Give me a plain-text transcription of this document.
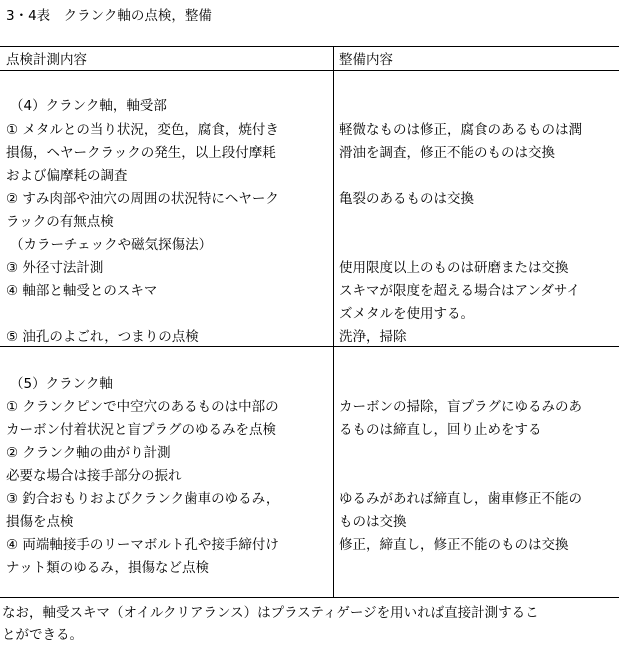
3・4表　クランク軸の点検，整備
点検計測内容	整備内容
（4）クランク軸，軸受部
① メタルとの当り状況，変色，腐食，焼付き
損傷，ヘヤークラックの発生，以上段付摩耗
および偏摩耗の調査
② すみ肉部や油穴の周囲の状況特にヘヤーク
ラックの有無点検
（カラーチェックや磁気探傷法）
③ 外径寸法計測
④ 軸部と軸受とのスキマ
⑤ 油孔のよごれ，つまりの点検
軽微なものは修正，腐食のあるものは潤
滑油を調査，修正不能のものは交換
亀裂のあるものは交換
使用限度以上のものは研磨または交換
スキマが限度を超える場合はアンダサイ
ズメタルを使用する。
洗浄，掃除
（5）クランク軸
① クランクピンで中空穴のあるものは中部の
カーボン付着状況と盲プラグのゆるみを点検
② クランク軸の曲がり計測
必要な場合は接手部分の振れ
③ 釣合おもりおよびクランク歯車のゆるみ，
損傷を点検
④ 両端軸接手のリーマボルト孔や接手締付け
ナット類のゆるみ，損傷など点検
カーボンの掃除，盲プラグにゆるみのあ
るものは締直し，回り止めをする
ゆるみがあれば締直し，歯車修正不能の
ものは交換
修正，締直し，修正不能のものは交換
なお，軸受スキマ（オイルクリアランス）はプラスティゲージを用いれば直接計測するこ
とができる。
